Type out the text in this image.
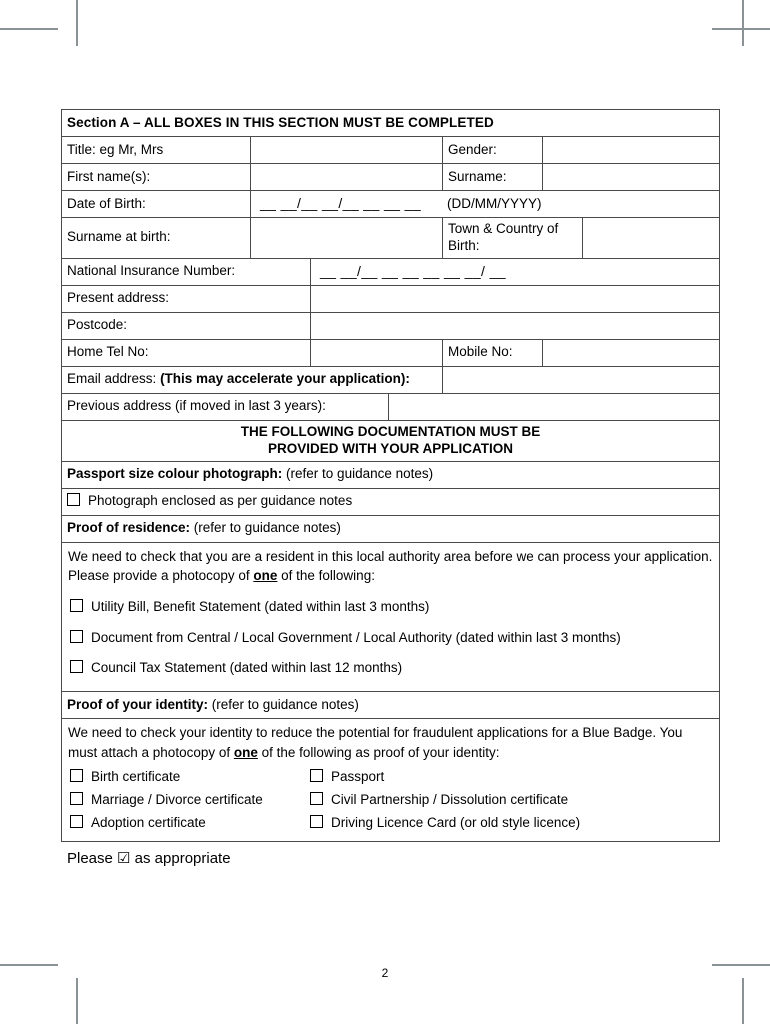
Section A – ALL BOXES IN THIS SECTION MUST BE COMPLETED						
Title: eg Mr, Mrs				Gender:		
First name(s):				Surname:		
Date of Birth:	__ __/__ __/__ __ __ __ (DD/MM/YYYY)					
Surname at birth:				Town & Country of Birth:		
National Insurance Number:		__ __/__ __ __ __ __ __/ __				
Present address:						
Postcode:						
Home Tel No:				Mobile No:		
Email address: (This may accelerate your application):						
Previous address (if moved in last 3 years):						
THE FOLLOWING DOCUMENTATION MUST BE
PROVIDED WITH YOUR APPLICATION						
Passport size colour photograph: (refer to guidance notes)						
Photograph enclosed as per guidance notes						
Proof of residence: (refer to guidance notes)						

We need to check that you are a resident in this local authority area before we can process your application. Please provide a photocopy of one of the following:
Utility Bill, Benefit Statement (dated within last 3 months)
Document from Central / Local Government / Local Authority (dated within last 3 months)
Council Tax Statement (dated within last 12 months)						

Proof of your identity: (refer to guidance notes)						

We need to check your identity to reduce the potential for fraudulent applications for a Blue Badge. You must attach a photocopy of one of the following as proof of your identity:
Birth certificate	Passport
Marriage / Divorce certificate	Civil Partnership / Dissolution certificate
Adoption certificate	Driving Licence Card (or old style licence)
Please ☑ as appropriate
2
